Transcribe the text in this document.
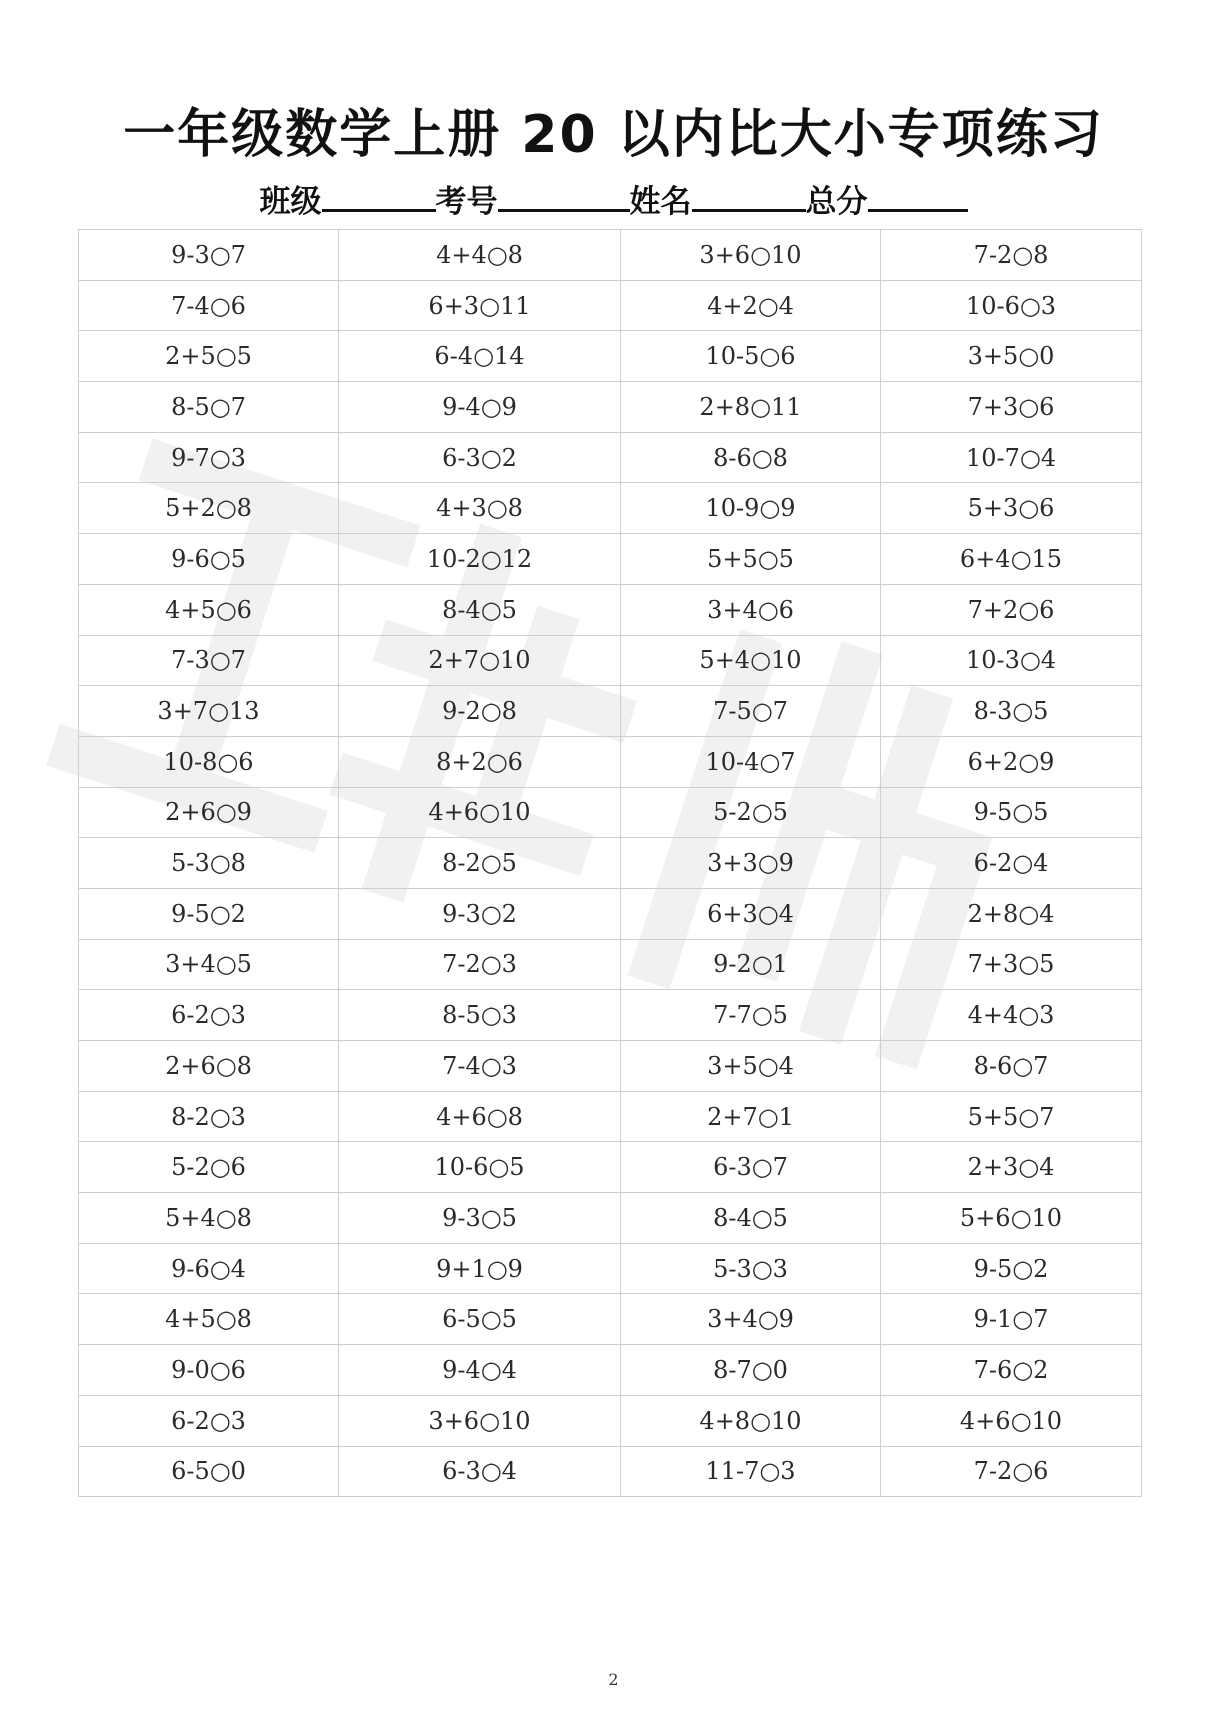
一年级数学上册 20 以内比大小专项练习
班级	考号	姓名	总分
9-3○7	4+4○8	3+6○10	7-2○8
7-4○6	6+3○11	4+2○4	10-6○3
2+5○5	6-4○14	10-5○6	3+5○0
8-5○7	9-4○9	2+8○11	7+3○6
9-7○3	6-3○2	8-6○8	10-7○4
5+2○8	4+3○8	10-9○9	5+3○6
9-6○5	10-2○12	5+5○5	6+4○15
4+5○6	8-4○5	3+4○6	7+2○6
7-3○7	2+7○10	5+4○10	10-3○4
3+7○13	9-2○8	7-5○7	8-3○5
10-8○6	8+2○6	10-4○7	6+2○9
2+6○9	4+6○10	5-2○5	9-5○5
5-3○8	8-2○5	3+3○9	6-2○4
9-5○2	9-3○2	6+3○4	2+8○4
3+4○5	7-2○3	9-2○1	7+3○5
6-2○3	8-5○3	7-7○5	4+4○3
2+6○8	7-4○3	3+5○4	8-6○7
8-2○3	4+6○8	2+7○1	5+5○7
5-2○6	10-6○5	6-3○7	2+3○4
5+4○8	9-3○5	8-4○5	5+6○10
9-6○4	9+1○9	5-3○3	9-5○2
4+5○8	6-5○5	3+4○9	9-1○7
9-0○6	9-4○4	8-7○0	7-6○2
6-2○3	3+6○10	4+8○10	4+6○10
6-5○0	6-3○4	11-7○3	7-2○6
2
